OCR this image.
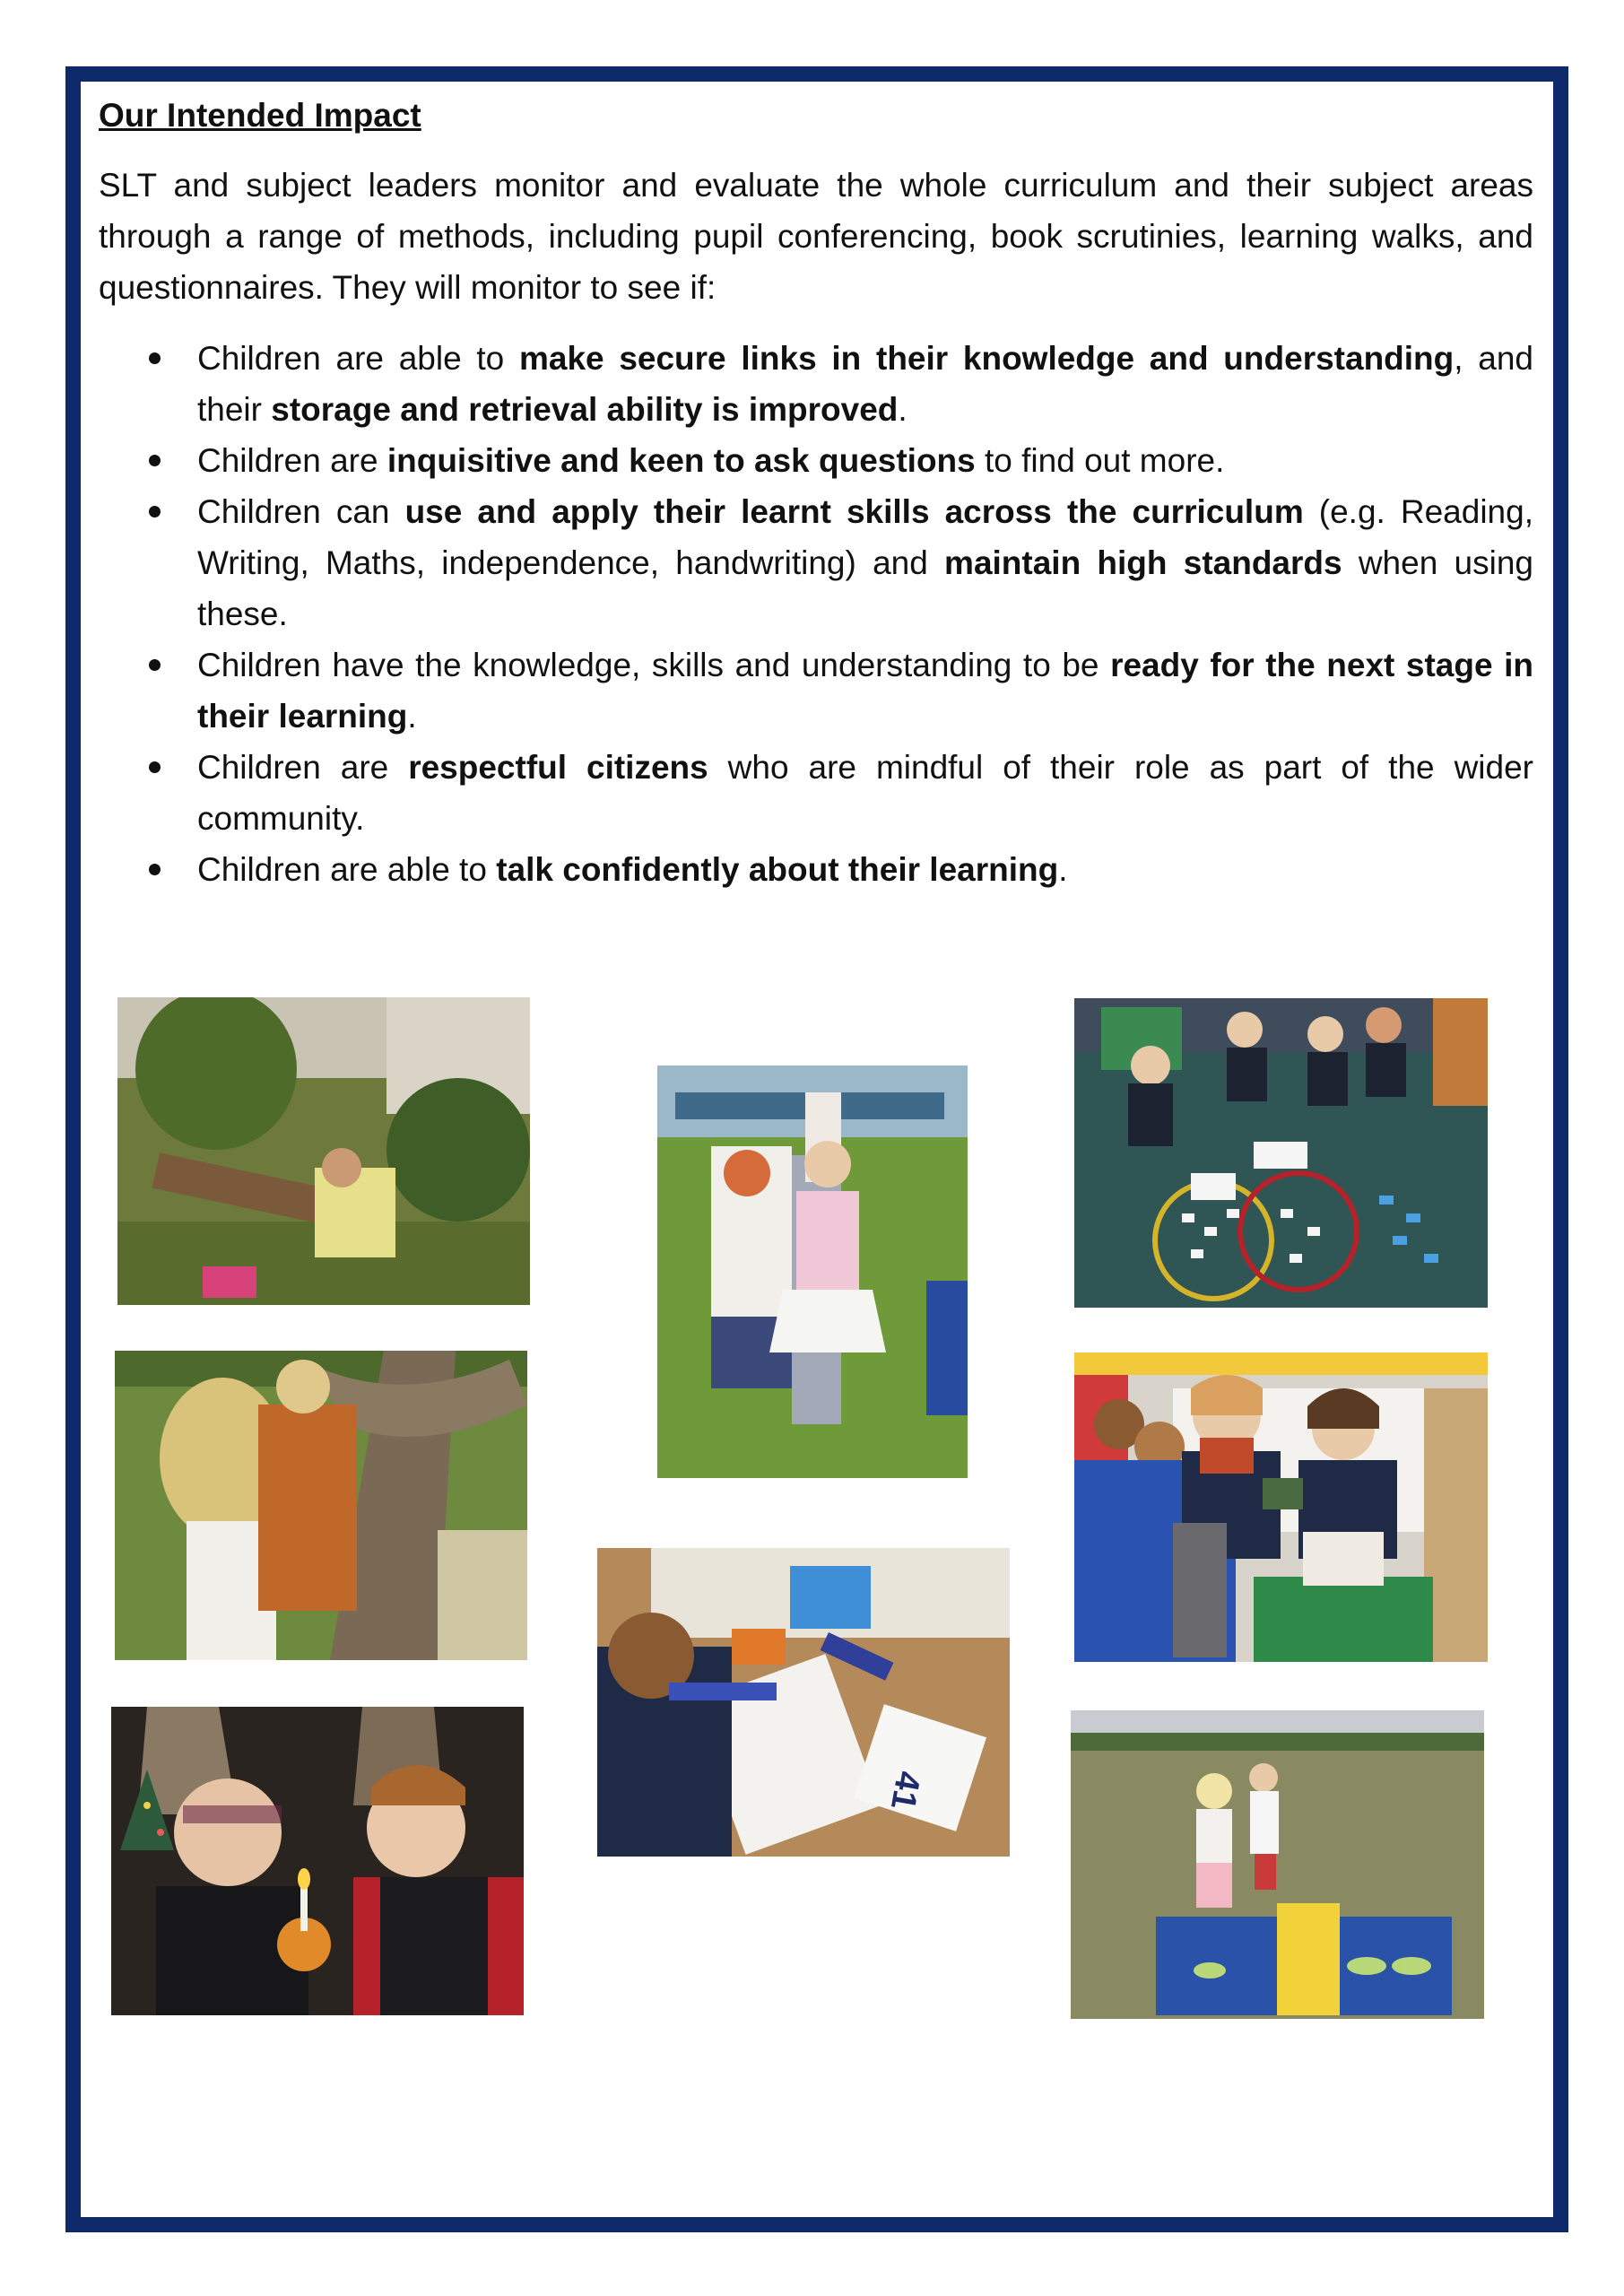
Our Intended Impact

SLT and subject leaders monitor and evaluate the whole curriculum and their subject areas through a range of methods, including pupil conferencing, book scrutinies, learning walks, and questionnaires. They will monitor to see if:

Children are able to make secure links in their knowledge and understanding, and their storage and retrieval ability is improved.
Children are inquisitive and keen to ask questions to find out more.
Children can use and apply their learnt skills across the curriculum (e.g. Reading, Writing, Maths, independence, handwriting) and maintain high standards when using these.
Children have the knowledge, skills and understanding to be ready for the next stage in their learning.
Children are respectful citizens who are mindful of their role as part of the wider community.
Children are able to talk confidently about their learning.
41
